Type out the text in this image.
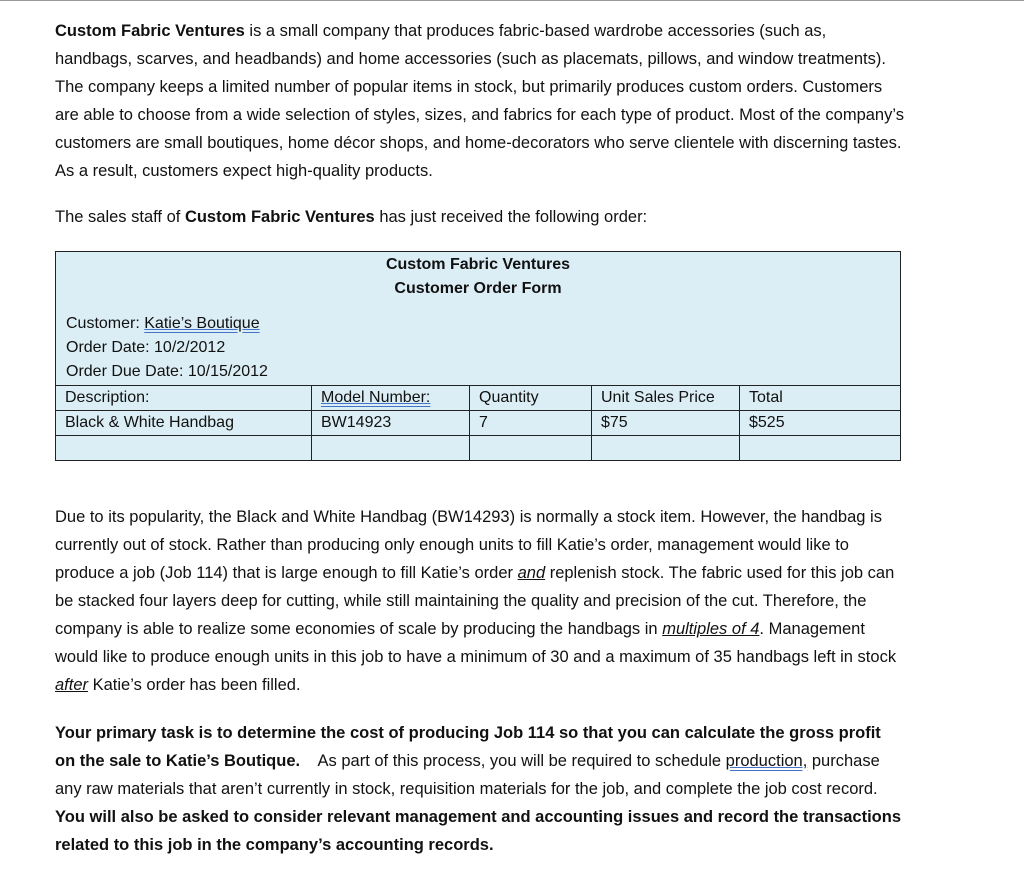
Custom Fabric Ventures is a small company that produces fabric-based wardrobe accessories (such as, handbags, scarves, and headbands) and home accessories (such as placemats, pillows, and window treatments). The company keeps a limited number of popular items in stock, but primarily produces custom orders. Customers are able to choose from a wide selection of styles, sizes, and fabrics for each type of product. Most of the company’s customers are small boutiques, home décor shops, and home-decorators who serve clientele with discerning tastes. As a result, customers expect high-quality products.

The sales staff of Custom Fabric Ventures has just received the following order:

Custom Fabric Ventures
Customer Order Form
Customer: Katie’s Boutique
Order Date: 10/2/2012
Order Due Date: 10/15/2012
Description:	Model Number:	Quantity	Unit Sales Price	Total
Black & White Handbag	BW14923	7	$75	$525

Due to its popularity, the Black and White Handbag (BW14293) is normally a stock item. However, the handbag is currently out of stock. Rather than producing only enough units to fill Katie’s order, management would like to produce a job (Job 114) that is large enough to fill Katie’s order and replenish stock. The fabric used for this job can be stacked four layers deep for cutting, while still maintaining the quality and precision of the cut. Therefore, the company is able to realize some economies of scale by producing the handbags in multiples of 4. Management would like to produce enough units in this job to have a minimum of 30 and a maximum of 35 handbags left in stock after Katie’s order has been filled.

Your primary task is to determine the cost of producing Job 114 so that you can calculate the gross profit on the sale to Katie’s Boutique.    As part of this process, you will be required to schedule production, purchase any raw materials that aren’t currently in stock, requisition materials for the job, and complete the job cost record. You will also be asked to consider relevant management and accounting issues and record the transactions related to this job in the company’s accounting records.
